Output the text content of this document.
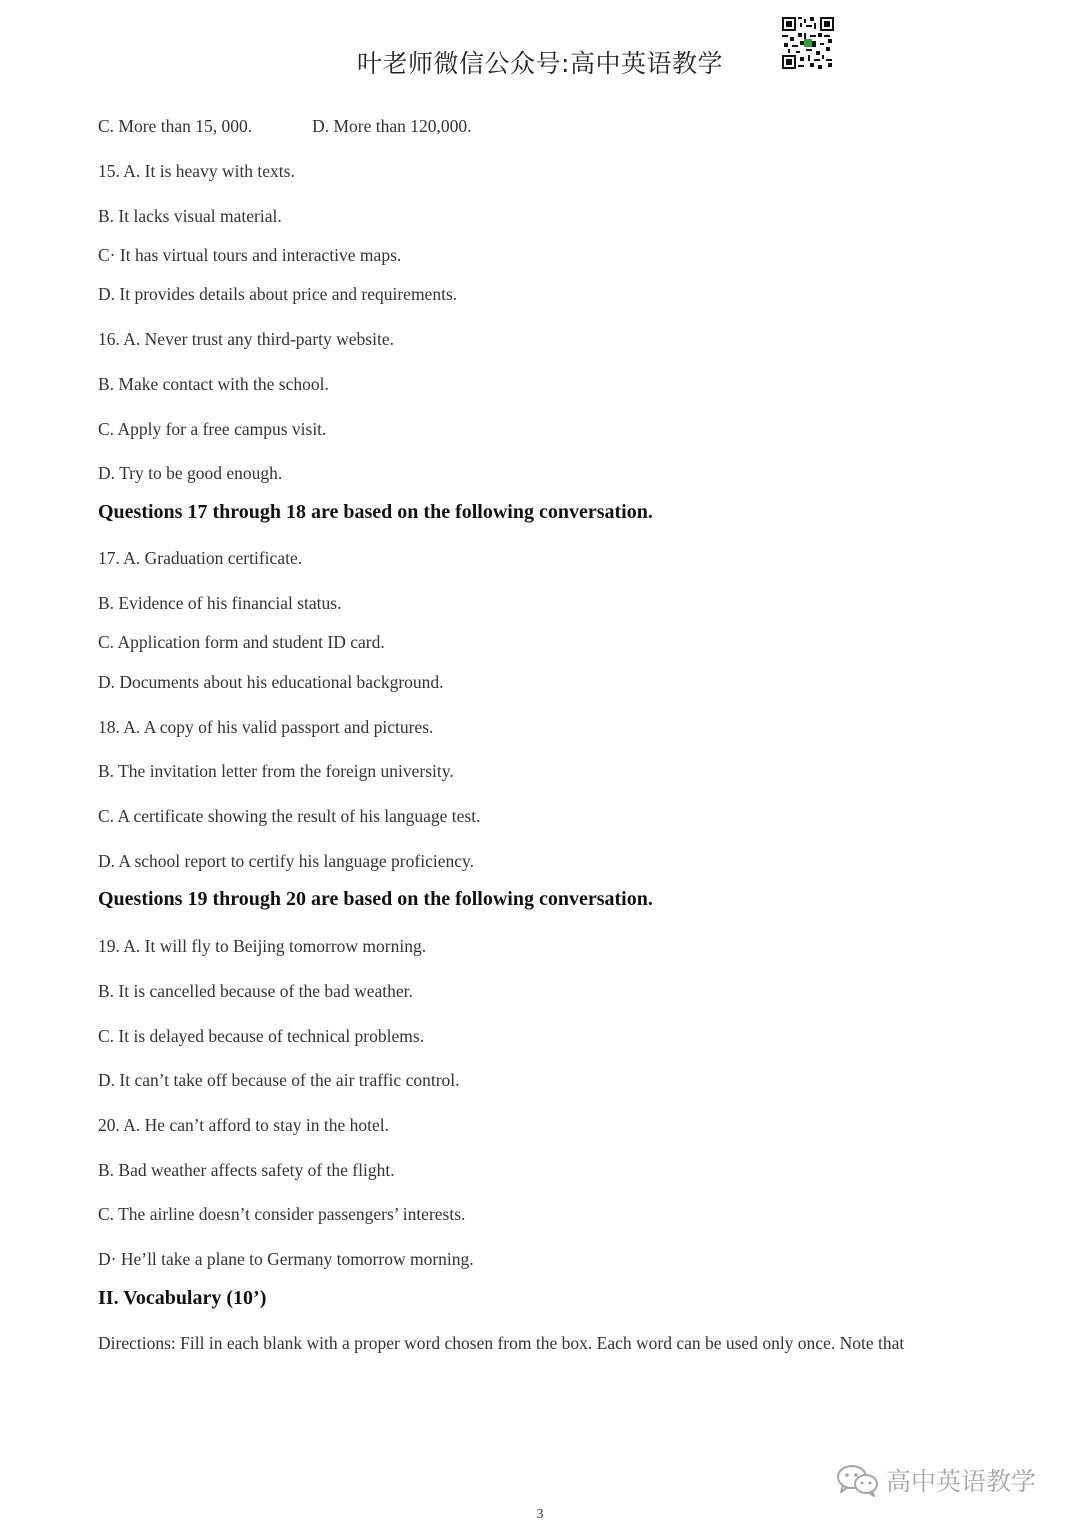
叶老师微信公众号:高中英语教学
C. More than 15, 000.	D. More than 120,000.
15. A. It is heavy with texts.
B. It lacks visual material.
C· It has virtual tours and interactive maps.
D. It provides details about price and requirements.
16. A. Never trust any third-party website.
B. Make contact with the school.
C. Apply for a free campus visit.
D. Try to be good enough.
Questions 17 through 18 are based on the following conversation.
17. A. Graduation certificate.
B. Evidence of his financial status.
C. Application form and student ID card.
D. Documents about his educational background.
18. A. A copy of his valid passport and pictures.
B. The invitation letter from the foreign university.
C. A certificate showing the result of his language test.
D. A school report to certify his language proficiency.
Questions 19 through 20 are based on the following conversation.
19. A. It will fly to Beijing tomorrow morning.
B. It is cancelled because of the bad weather.
C. It is delayed because of technical problems.
D. It can’t take off because of the air traffic control.
20. A. He can’t afford to stay in the hotel.
B. Bad weather affects safety of the flight.
C. The airline doesn’t consider passengers’ interests.
D· He’ll take a plane to Germany tomorrow morning.
II. Vocabulary (10’)
Directions: Fill in each blank with a proper word chosen from the box. Each word can be used only once. Note that
高中英语教学
3
